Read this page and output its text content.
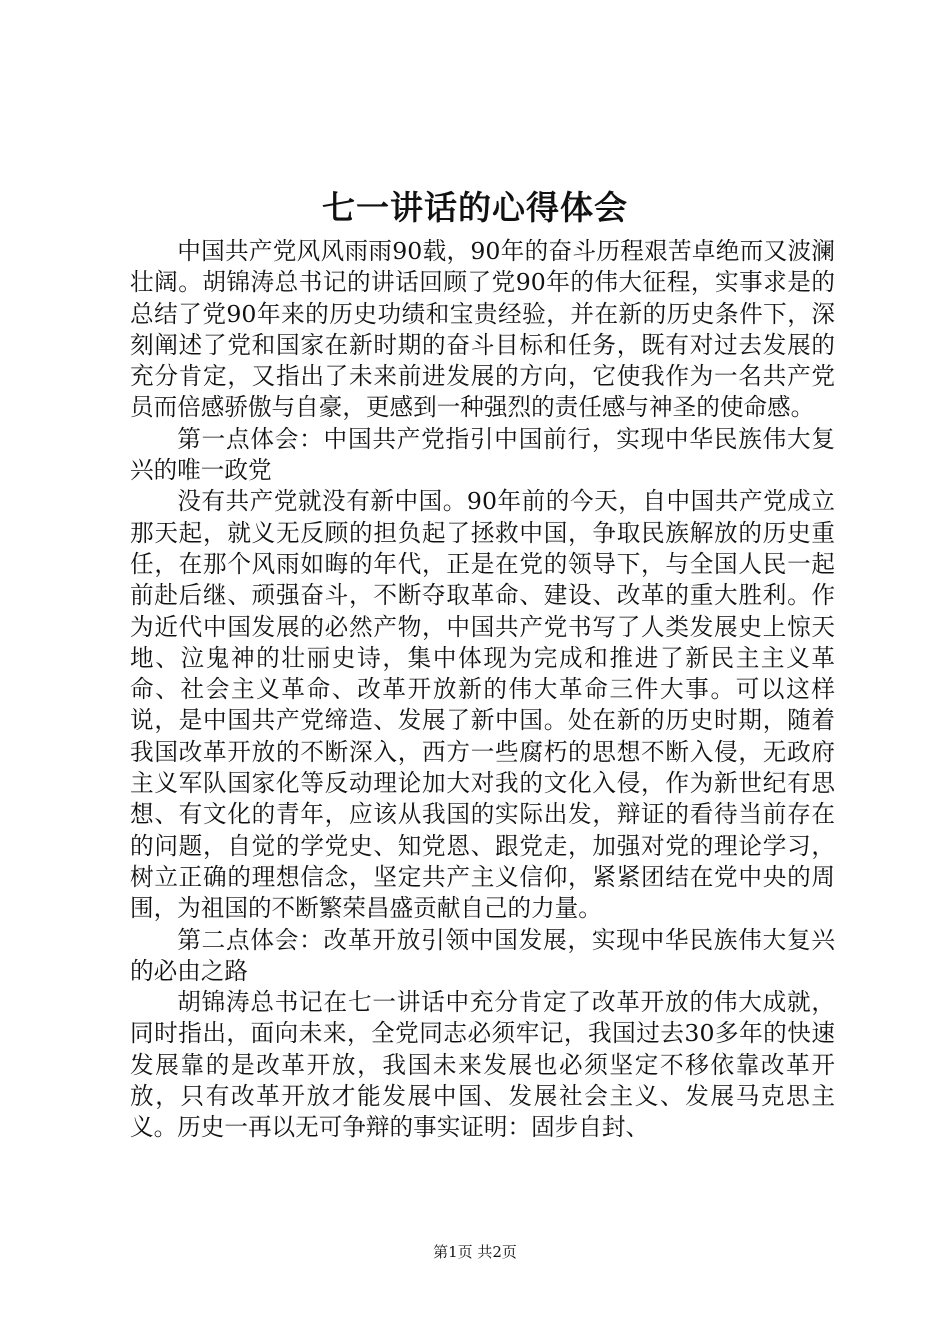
七一讲话的心得体会

中国共产党风风雨雨90载，90年的奋斗历程艰苦卓绝而又波澜壮阔。胡锦涛总书记的讲话回顾了党90年的伟大征程，实事求是的总结了党90年来的历史功绩和宝贵经验，并在新的历史条件下，深刻阐述了党和国家在新时期的奋斗目标和任务，既有对过去发展的充分肯定，又指出了未来前进发展的方向，它使我作为一名共产党员而倍感骄傲与自豪，更感到一种强烈的责任感与神圣的使命感。

第一点体会：中国共产党指引中国前行，实现中华民族伟大复兴的唯一政党

没有共产党就没有新中国。90年前的今天，自中国共产党成立那天起，就义无反顾的担负起了拯救中国，争取民族解放的历史重任，在那个风雨如晦的年代，正是在党的领导下，与全国人民一起前赴后继、顽强奋斗，不断夺取革命、建设、改革的重大胜利。作为近代中国发展的必然产物，中国共产党书写了人类发展史上惊天地、泣鬼神的壮丽史诗，集中体现为完成和推进了新民主主义革命、社会主义革命、改革开放新的伟大革命三件大事。可以这样说，是中国共产党缔造、发展了新中国。处在新的历史时期，随着我国改革开放的不断深入，西方一些腐朽的思想不断入侵，无政府主义军队国家化等反动理论加大对我的文化入侵，作为新世纪有思想、有文化的青年，应该从我国的实际出发，辩证的看待当前存在的问题，自觉的学党史、知党恩、跟党走，加强对党的理论学习，树立正确的理想信念，坚定共产主义信仰，紧紧团结在党中央的周围，为祖国的不断繁荣昌盛贡献自己的力量。

第二点体会：改革开放引领中国发展，实现中华民族伟大复兴的必由之路

胡锦涛总书记在七一讲话中充分肯定了改革开放的伟大成就，同时指出，面向未来，全党同志必须牢记，我国过去30多年的快速发展靠的是改革开放，我国未来发展也必须坚定不移依靠改革开放，只有改革开放才能发展中国、发展社会主义、发展马克思主义。历史一再以无可争辩的事实证明：固步自封、

第1页 共2页
